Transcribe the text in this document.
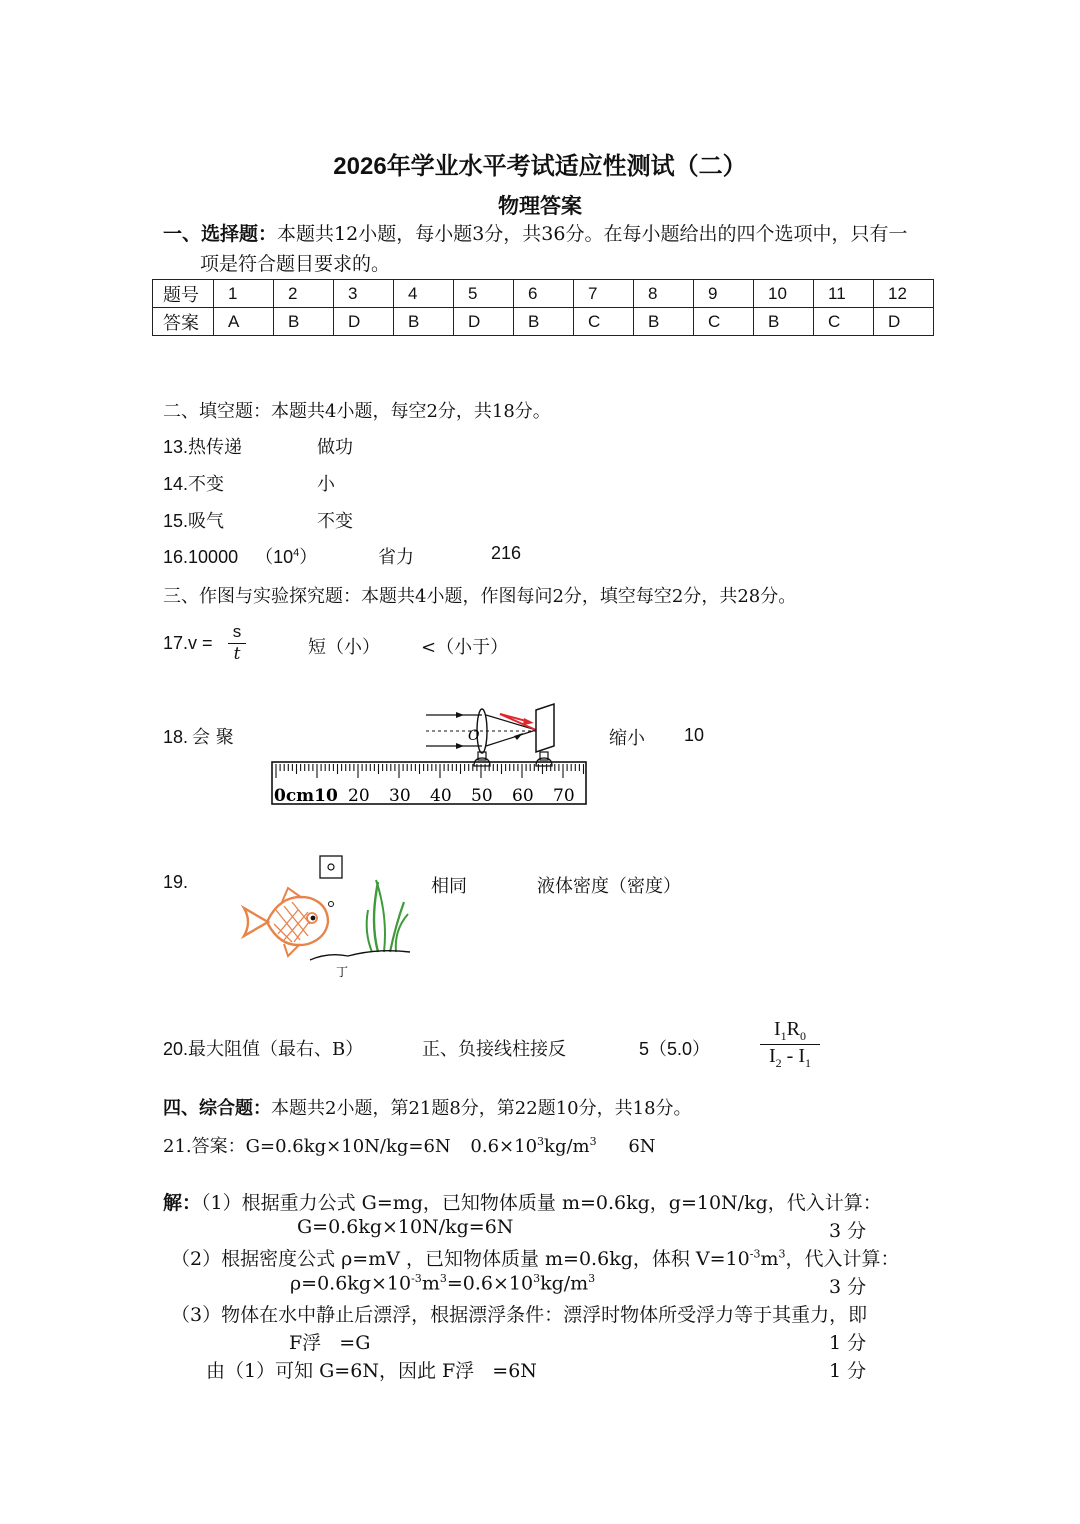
2026年学业水平考试适应性测试（二）
物理答案
一、选择题：本题共12小题，每小题3分，共36分。在每小题给出的四个选项中，只有一
项是符合题目要求的。
题号	1	2	3	4	5	6	7	8	9	10	11	12
答案	A	B	D	B	D	B	C	B	C	B	C	D
二、填空题：本题共4小题，每空2分，共18分。
13.热传递	做功
14.不变	小
15.吸气	不变
16.10000 $(10^4)$	省力	216
三、作图与实验探究题：本题共4小题，作图每问2分，填空每空2分，共28分。
17.v =
s
t	短（小） <（小于）
18. 会 聚	缩小 10
O
0cm10 20 30 40 50 60 70
19.	相同	液体密度（密度）
丁
20.最大阻值（最右、B）	正、负接线柱接反	5（5.0）
$I_1R_0$
$I_2 - I_1$
四、综合题：本题共2小题，第21题8分，第22题10分，共18分。
21.答案：G=0.6kg×10N/kg=6N $0.6\times 10^3kg/m^3$ 6N
解：（1）根据重力公式 G=mg，已知物体质量 m=0.6kg，g=10N/kg，代入计算：
G=0.6kg×10N/kg=6N	3 分
（2）根据密度公式 ρ=mV ，已知物体质量 m=0.6kg，体积 $V=10^{-3}m^3$，代入计算：
$\rho=0.6kg\times 10^{-3}m^3=0.6\times 10^3kg/m^3$	3 分
（3）物体在水中静止后漂浮，根据漂浮条件：漂浮时物体所受浮力等于其重力，即
F浮   =G	1 分
由（1）可知 G=6N，因此 F浮   =6N	1 分
